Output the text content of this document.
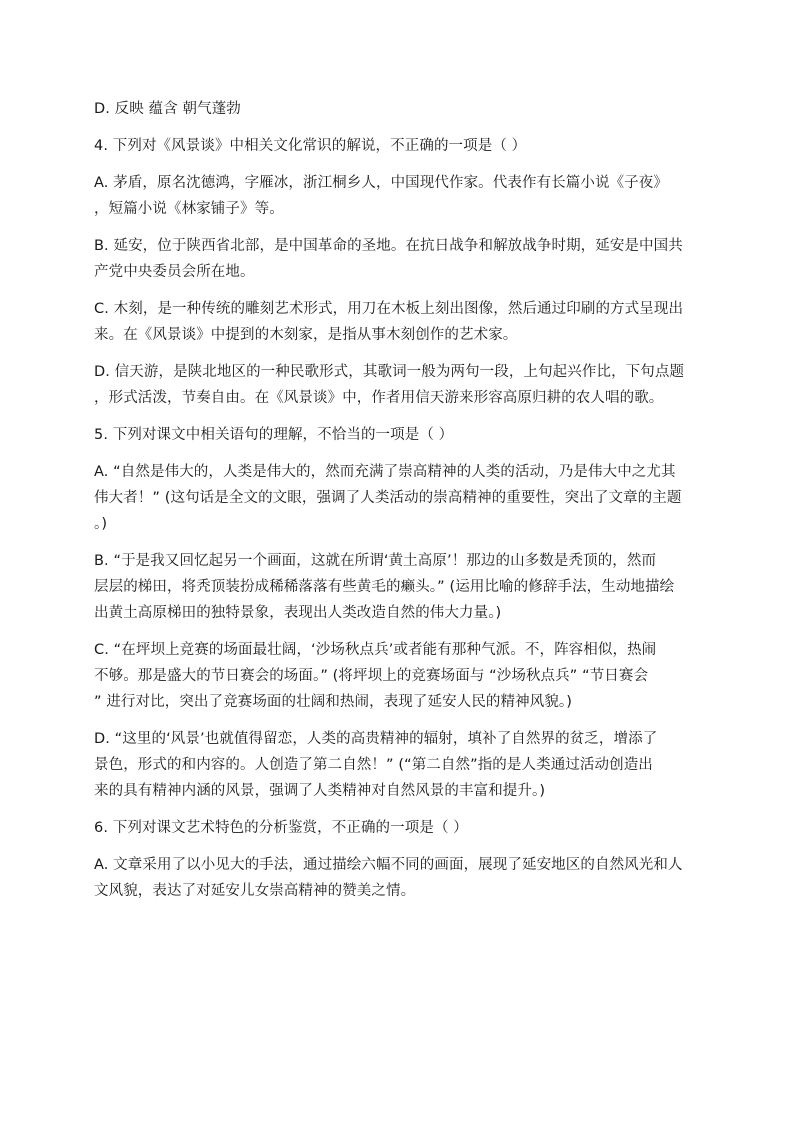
D. 反映 蕴含 朝气蓬勃
4. 下列对《风景谈》中相关文化常识的解说，不正确的一项是（ ）
A. 茅盾，原名沈德鸿，字雁冰，浙江桐乡人，中国现代作家。代表作有长篇小说《子夜》
，短篇小说《林家铺子》等。
B. 延安，位于陕西省北部，是中国革命的圣地。在抗日战争和解放战争时期，延安是中国共
产党中央委员会所在地。
C. 木刻，是一种传统的雕刻艺术形式，用刀在木板上刻出图像，然后通过印刷的方式呈现出
来。在《风景谈》中提到的木刻家，是指从事木刻创作的艺术家。
D. 信天游，是陕北地区的一种民歌形式，其歌词一般为两句一段，上句起兴作比，下句点题
，形式活泼，节奏自由。在《风景谈》中，作者用信天游来形容高原归耕的农人唱的歌。
5. 下列对课文中相关语句的理解，不恰当的一项是（ ）
A. “自然是伟大的，人类是伟大的，然而充满了崇高精神的人类的活动，乃是伟大中之尤其
伟大者！” (这句话是全文的文眼，强调了人类活动的崇高精神的重要性，突出了文章的主题
。)
B. “于是我又回忆起另一个画面，这就在所谓‘黄土高原’！那边的山多数是秃顶的，然而
层层的梯田，将秃顶装扮成稀稀落落有些黄毛的癞头。” (运用比喻的修辞手法，生动地描绘
出黄土高原梯田的独特景象，表现出人类改造自然的伟大力量。)
C. “在坪坝上竞赛的场面最壮阔，‘沙场秋点兵’或者能有那种气派。不，阵容相似，热闹
不够。那是盛大的节日赛会的场面。” (将坪坝上的竞赛场面与 “沙场秋点兵” “节日赛会
” 进行对比，突出了竞赛场面的壮阔和热闹，表现了延安人民的精神风貌。)
D. “这里的‘风景’也就值得留恋，人类的高贵精神的辐射，填补了自然界的贫乏，增添了
景色，形式的和内容的。人创造了第二自然！” (“第二自然”指的是人类通过活动创造出
来的具有精神内涵的风景，强调了人类精神对自然风景的丰富和提升。)
6. 下列对课文艺术特色的分析鉴赏，不正确的一项是（ ）
A. 文章采用了以小见大的手法，通过描绘六幅不同的画面，展现了延安地区的自然风光和人
文风貌，表达了对延安儿女崇高精神的赞美之情。
